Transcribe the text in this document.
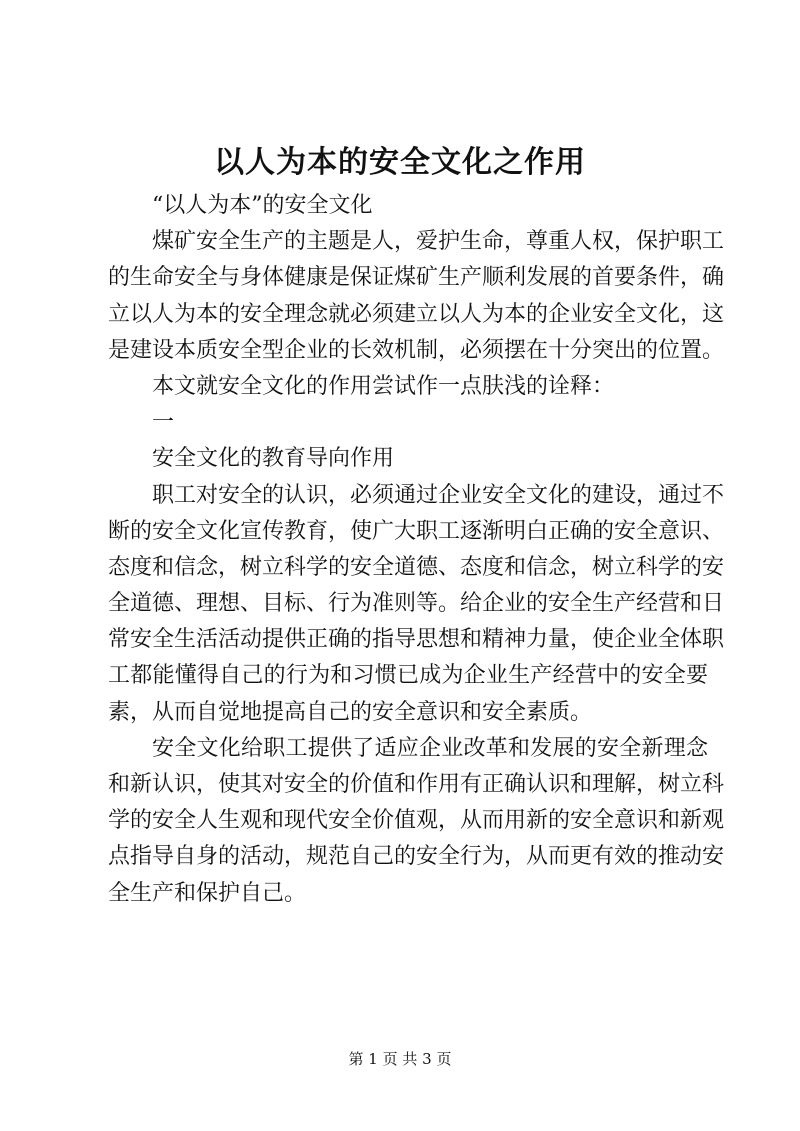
以人为本的安全文化之作用
“以人为本”的安全文化
煤矿安全生产的主题是人，爱护生命，尊重人权，保护职工
的生命安全与身体健康是保证煤矿生产顺利发展的首要条件，确
立以人为本的安全理念就必须建立以人为本的企业安全文化，这
是建设本质安全型企业的长效机制，必须摆在十分突出的位置。
本文就安全文化的作用尝试作一点肤浅的诠释：
一
安全文化的教育导向作用
职工对安全的认识，必须通过企业安全文化的建设，通过不
断的安全文化宣传教育，使广大职工逐渐明白正确的安全意识、
态度和信念，树立科学的安全道德、态度和信念，树立科学的安
全道德、理想、目标、行为准则等。给企业的安全生产经营和日
常安全生活活动提供正确的指导思想和精神力量，使企业全体职
工都能懂得自己的行为和习惯已成为企业生产经营中的安全要
素，从而自觉地提高自己的安全意识和安全素质。
安全文化给职工提供了适应企业改革和发展的安全新理念
和新认识，使其对安全的价值和作用有正确认识和理解，树立科
学的安全人生观和现代安全价值观，从而用新的安全意识和新观
点指导自身的活动，规范自己的安全行为，从而更有效的推动安
全生产和保护自己。
第 1 页 共 3 页
